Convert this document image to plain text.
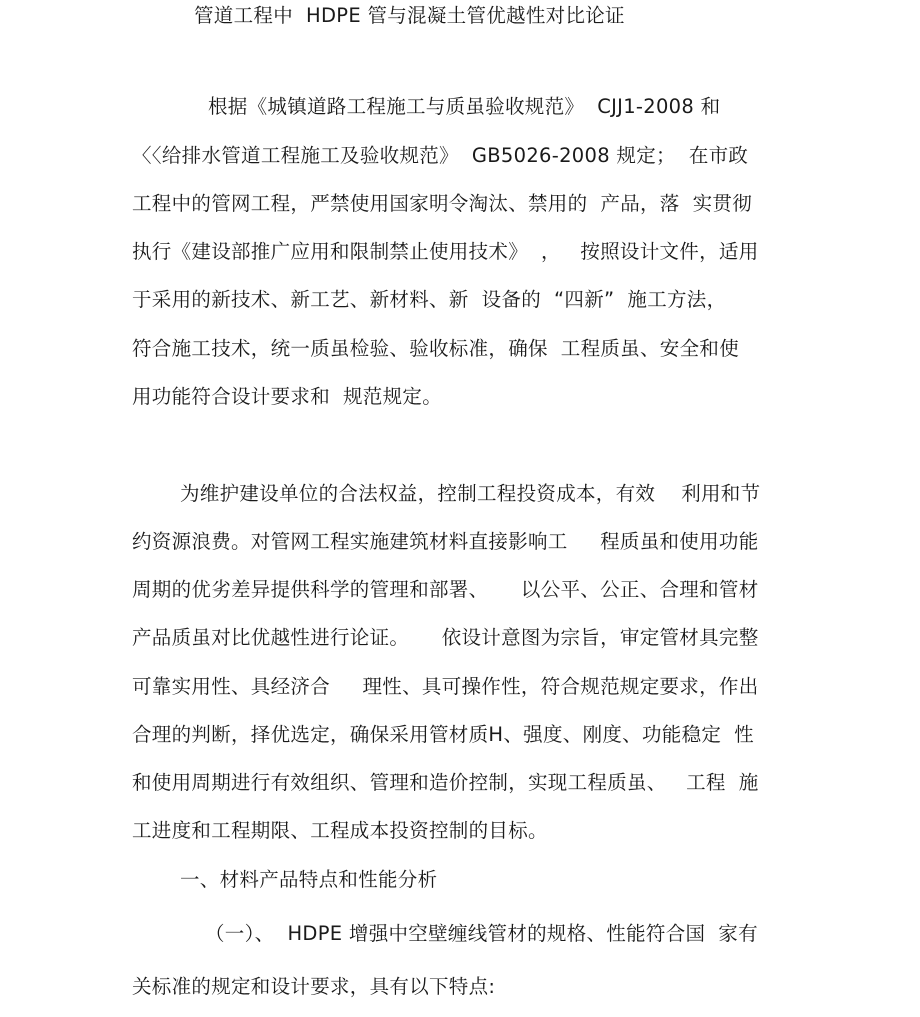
管道工程中  HDPE 管与混凝土管优越性对比论证
根据《城镇道路工程施工与质虽验收规范》  CJJ1-2008 和
〈〈给排水管道工程施工及验收规范》  GB5026-2008 规定；  在市政
工程中的管网工程，严禁使用国家明令淘汰、禁用的  产品，落  实贯彻
执行《建设部推广应用和限制禁止使用技术》  ，   按照设计文件，适用
于采用的新技术、新工艺、新材料、新  设备的  “四新”  施工方法，
符合施工技术，统一质虽检验、验收标准，确保  工程质虽、安全和使
用功能符合设计要求和  规范规定。
为维护建设单位的合法权益，控制工程投资成本，有效    利用和节
约资源浪费。对管网工程实施建筑材料直接影响工     程质虽和使用功能
周期的优劣差异提供科学的管理和部署、     以公平、公正、合理和管材
产品质虽对比优越性进行论证。     依设计意图为宗旨，审定管材具完整
可靠实用性、具经济合     理性、具可操作性，符合规范规定要求，作出
合理的判断，择优选定，确保采用管材质H、强度、刚度、功能稳定  性
和使用周期进行有效组织、管理和造价控制，实现工程质虽、   工程  施
工进度和工程期限、工程成本投资控制的目标。
一、材料产品特点和性能分析
（一）、  HDPE 增强中空壁缠线管材的规格、性能符合国  家有
关标准的规定和设计要求，具有以下特点:
